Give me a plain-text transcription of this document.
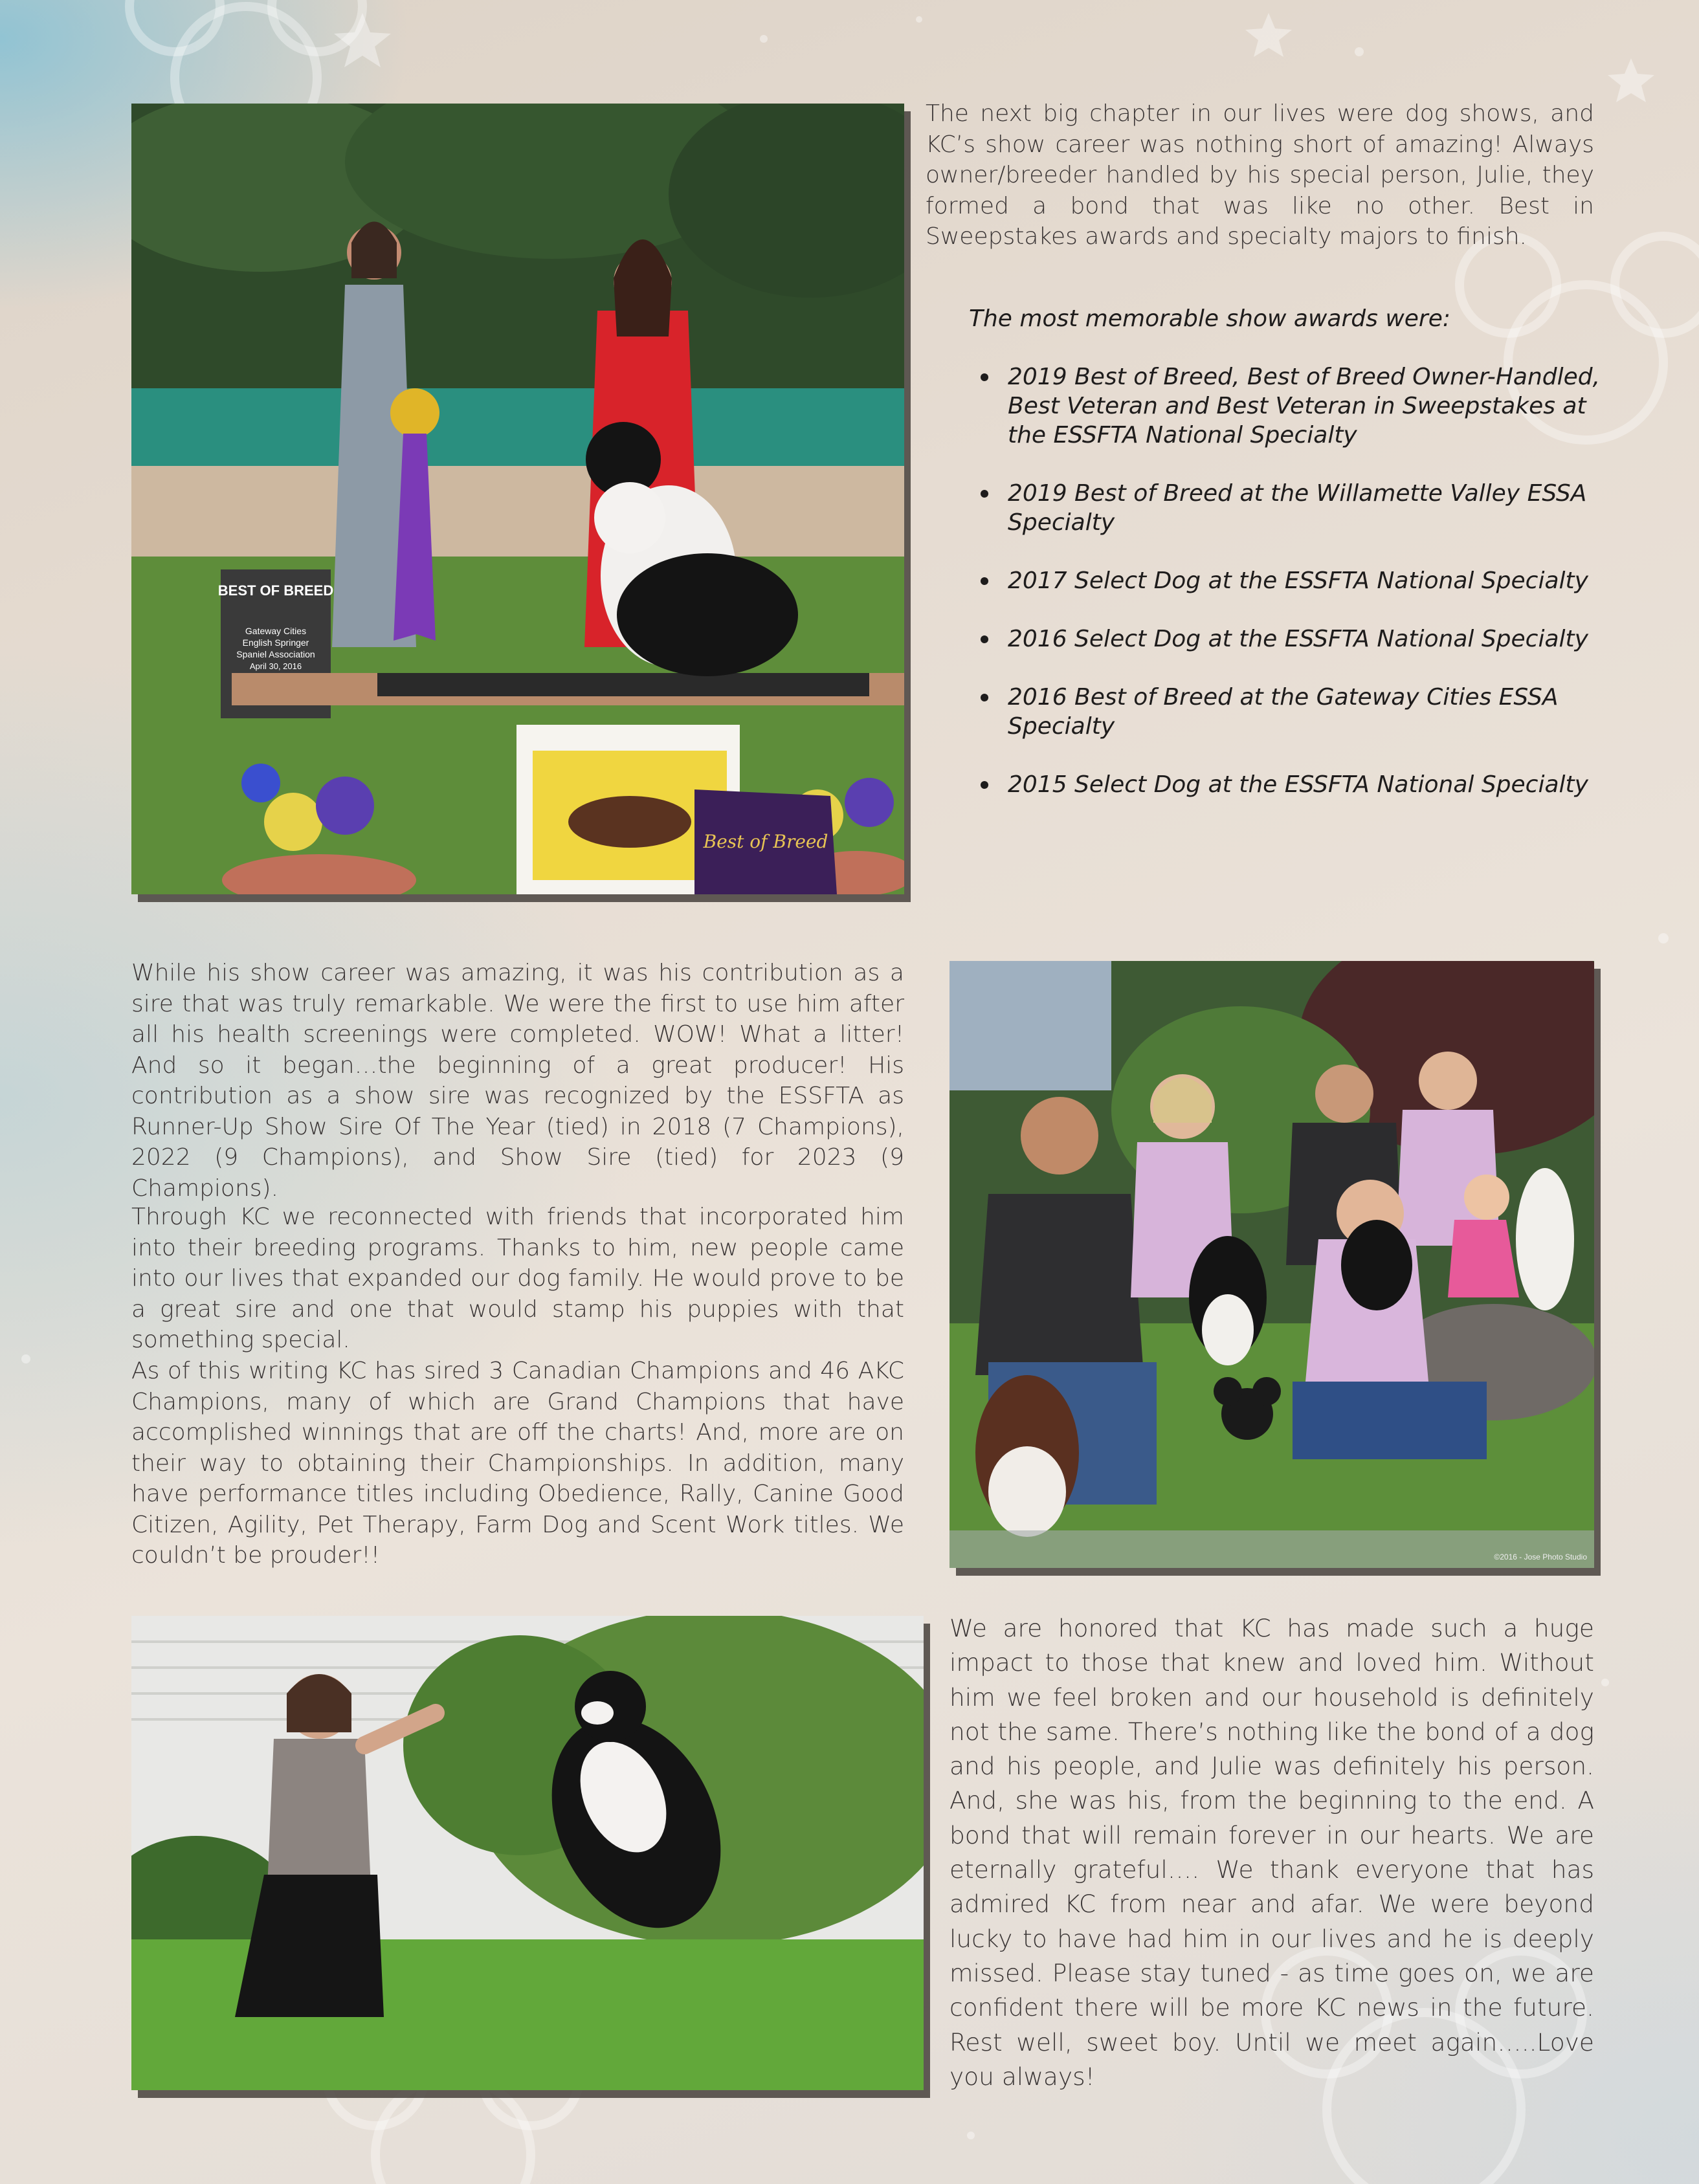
BEST OF BREED
Gateway Cities
English Springer
Spaniel Association
April 30, 2016
Best of Breed

The next big chapter in our lives were dog shows, and KC’s show career was nothing short of amazing! Always owner/breeder handled by his special person, Julie, they formed a bond that was like no other. Best in Sweepstakes awards and specialty majors to finish.

The most memorable show awards were:

2019 Best of Breed, Best of Breed Owner-Handled, Best Veteran and Best Veteran in Sweepstakes at the ESSFTA National Specialty
2019 Best of Breed at the Willamette Valley ESSA Specialty
2017 Select Dog at the ESSFTA National Specialty
2016 Select Dog at the ESSFTA National Specialty
2016 Best of Breed at the Gateway Cities ESSA Specialty
2015 Select Dog at the ESSFTA National Specialty

While his show career was amazing, it was his contribution as a sire that was truly remarkable. We were the first to use him after all his health screenings were completed. WOW! What a litter! And so it began…the beginning of a great producer! His contribution as a show sire was recognized by the ESSFTA as Runner-Up Show Sire Of The Year (tied) in 2018 (7 Champions), 2022 (9 Champions), and Show Sire (tied) for 2023 (9 Champions).

Through KC we reconnected with friends that incorporated him into their breeding programs. Thanks to him, new people came into our lives that expanded our dog family. He would prove to be a great sire and one that would stamp his puppies with that something special.

As of this writing KC has sired 3 Canadian Champions and 46 AKC Champions, many of which are Grand Champions that have accomplished winnings that are off the charts! And, more are on their way to obtaining their Championships. In addition, many have performance titles including Obedience, Rally, Canine Good Citizen, Agility, Pet Therapy, Farm Dog and Scent Work titles. We couldn’t be prouder!!	©2016 - Jose Photo Studio

We are honored that KC has made such a huge impact to those that knew and loved him. Without him we feel broken and our household is definitely not the same. There’s nothing like the bond of a dog and his people, and Julie was definitely his person. And, she was his, from the beginning to the end. A bond that will remain forever in our hearts. We are eternally grateful…. We thank everyone that has admired KC from near and afar. We were beyond lucky to have had him in our lives and he is deeply missed. Please stay tuned - as time goes on, we are confident there will be more KC news in the future. Rest well, sweet boy. Until we meet again…..Love you always!
